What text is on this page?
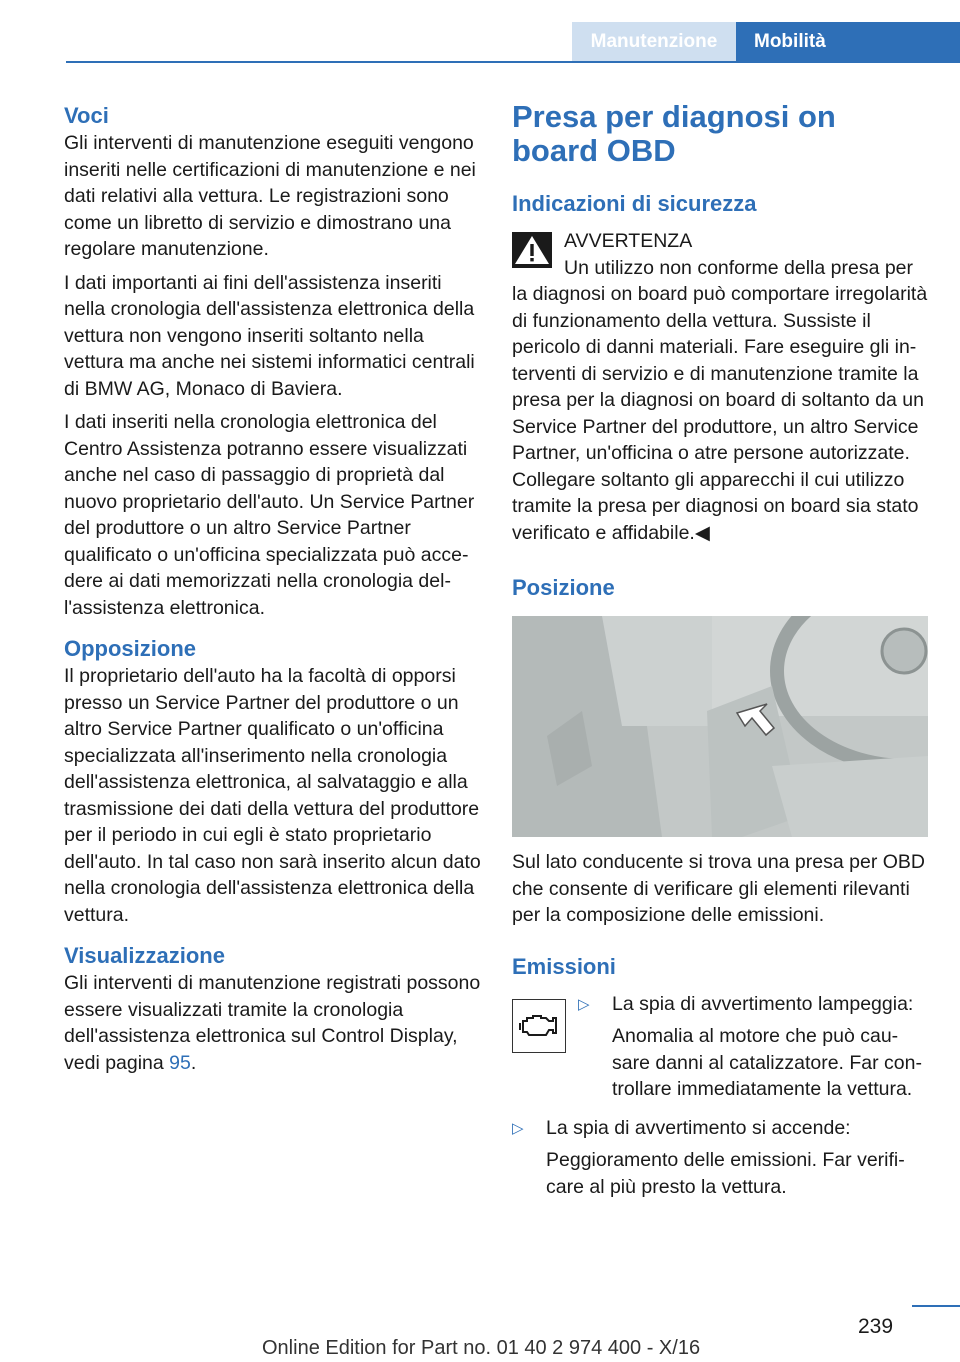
Manutenzione	Mobilità
Voci

Gli interventi di manutenzione eseguiti vengono inseriti nelle certificazioni di manutenzione e nei dati relativi alla vettura. Le registrazioni sono come un libretto di servizio e dimostrano una regolare manutenzione.

I dati importanti ai fini dell'assistenza inseriti nella cronologia dell'assistenza elettronica della vettura non vengono inseriti soltanto nella vettura ma anche nei sistemi informatici centrali di BMW AG, Monaco di Baviera.

I dati inseriti nella cronologia elettronica del Centro Assistenza potranno essere visualizzati anche nel caso di passaggio di proprietà dal nuovo proprietario dell'auto. Un Service Partner del produttore o un altro Service Partner qualificato o un'officina specializzata può accedere ai dati memorizzati nella cronologia dell'assistenza elettronica.

Opposizione

Il proprietario dell'auto ha la facoltà di opporsi presso un Service Partner del produttore o un altro Service Partner qualificato o un'officina specializzata all'inserimento nella cronologia dell'assistenza elettronica, al salvataggio e alla trasmissione dei dati della vettura del produttore per il periodo in cui egli è stato proprietario dell'auto. In tal caso non sarà inserito alcun dato nella cronologia dell'assistenza elettronica della vettura.

Visualizzazione

Gli interventi di manutenzione registrati possono essere visualizzati tramite la cronologia dell'assistenza elettronica sul Control Display, vedi pagina 95.

Presa per diagnosi on board OBD
Indicazioni di sicurezza
AVVERTENZA
Un utilizzo non conforme della presa per
la diagnosi on board può comportare irregolarità di funzionamento della vettura. Sussiste il pericolo di danni materiali. Fare eseguire gli interventi di servizio e di manutenzione tramite la presa per la diagnosi on board di soltanto da un Service Partner del produttore, un altro Service Partner, un'officina o atre persone autorizzate. Collegare soltanto gli apparecchi il cui utilizzo tramite la presa per diagnosi on board sia stato verificato e affidabile.◀
Posizione

Sul lato conducente si trova una presa per OBD che consente di verificare gli elementi rilevanti per la composizione delle emissioni.

Emissioni
▷ La spia di avvertimento lampeggia:
Anomalia al motore che può causare danni al catalizzatore. Far controllare immediatamente la vettura.
▷ La spia di avvertimento si accende:
Peggioramento delle emissioni. Far verificare al più presto la vettura.
239
Online Edition for Part no. 01 40 2 974 400 - X/16
